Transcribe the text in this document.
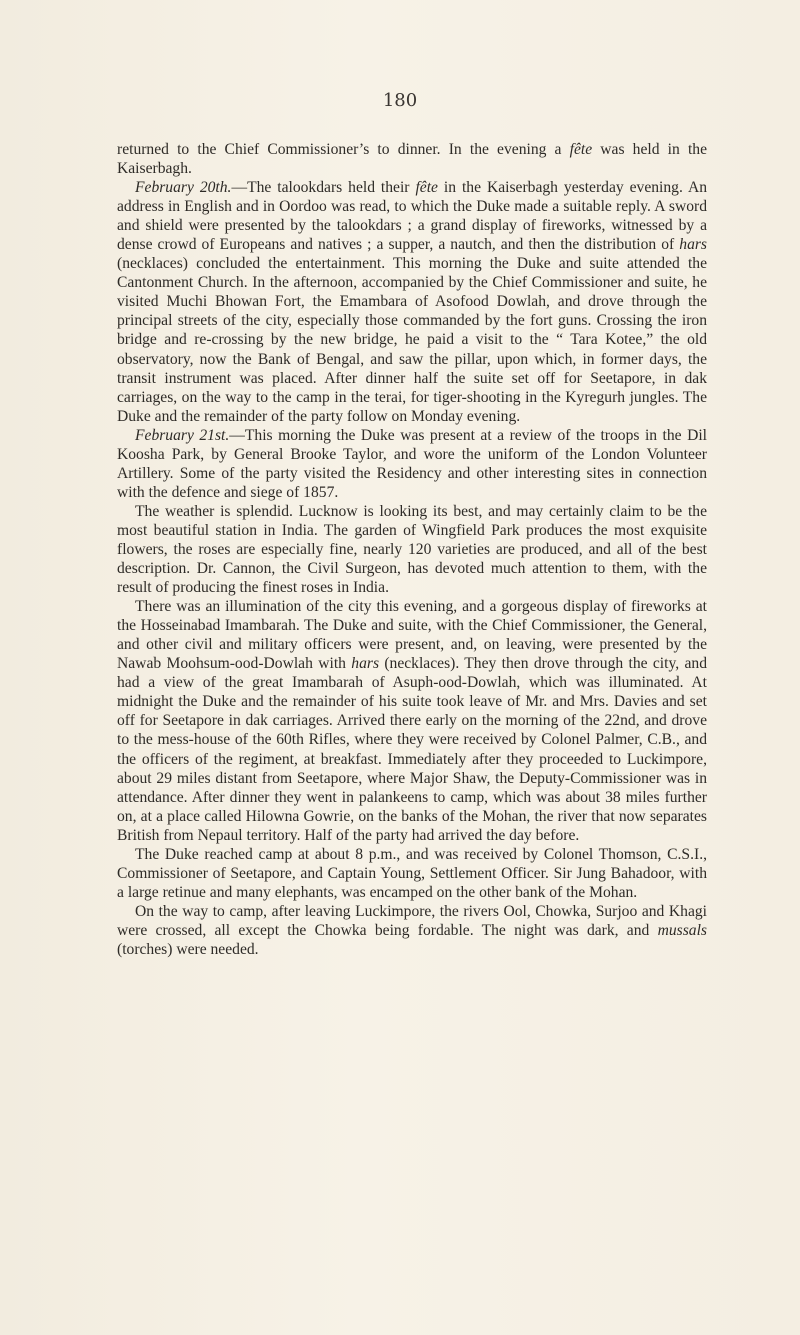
180

returned to the Chief Commissioner’s to dinner. In the evening a fête was held in the Kaiserbagh.

February 20th.—The talookdars held their fête in the Kaiserbagh yesterday evening. An address in English and in Oordoo was read, to which the Duke made a suitable reply. A sword and shield were presented by the talookdars ; a grand display of fireworks, witnessed by a dense crowd of Europeans and natives ; a supper, a nautch, and then the distribution of hars (necklaces) concluded the entertainment. This morning the Duke and suite attended the Cantonment Church. In the afternoon, accompanied by the Chief Commissioner and suite, he visited Muchi Bhowan Fort, the Emambara of Asofood Dowlah, and drove through the principal streets of the city, especially those commanded by the fort guns. Crossing the iron bridge and re-crossing by the new bridge, he paid a visit to the “ Tara Kotee,” the old observatory, now the Bank of Bengal, and saw the pillar, upon which, in former days, the transit instrument was placed. After dinner half the suite set off for Seetapore, in dak carriages, on the way to the camp in the terai, for tiger-shooting in the Kyregurh jungles. The Duke and the remainder of the party follow on Monday evening.

February 21st.—This morning the Duke was present at a review of the troops in the Dil Koosha Park, by General Brooke Taylor, and wore the uniform of the London Volunteer Artillery. Some of the party visited the Residency and other interesting sites in connection with the defence and siege of 1857.

The weather is splendid. Lucknow is looking its best, and may certainly claim to be the most beautiful station in India. The garden of Wingfield Park produces the most exquisite flowers, the roses are especially fine, nearly 120 varieties are produced, and all of the best description. Dr. Cannon, the Civil Surgeon, has devoted much attention to them, with the result of producing the finest roses in India.

There was an illumination of the city this evening, and a gorgeous display of fireworks at the Hosseinabad Imambarah. The Duke and suite, with the Chief Commissioner, the General, and other civil and military officers were present, and, on leaving, were presented by the Nawab Moohsum-ood-Dowlah with hars (necklaces). They then drove through the city, and had a view of the great Imambarah of Asuph-ood-Dowlah, which was illuminated. At midnight the Duke and the remainder of his suite took leave of Mr. and Mrs. Davies and set off for Seetapore in dak carriages. Arrived there early on the morning of the 22nd, and drove to the mess-house of the 60th Rifles, where they were received by Colonel Palmer, C.B., and the officers of the regiment, at breakfast. Immediately after they proceeded to Luckimpore, about 29 miles distant from Seetapore, where Major Shaw, the Deputy-Commissioner was in attendance. After dinner they went in palankeens to camp, which was about 38 miles further on, at a place called Hilowna Gowrie, on the banks of the Mohan, the river that now separates British from Nepaul territory. Half of the party had arrived the day before.

The Duke reached camp at about 8 p.m., and was received by Colonel Thomson, C.S.I., Commissioner of Seetapore, and Captain Young, Settlement Officer. Sir Jung Bahadoor, with a large retinue and many elephants, was encamped on the other bank of the Mohan.

On the way to camp, after leaving Luckimpore, the rivers Ool, Chowka, Surjoo and Khagi were crossed, all except the Chowka being fordable. The night was dark, and mussals (torches) were needed.
